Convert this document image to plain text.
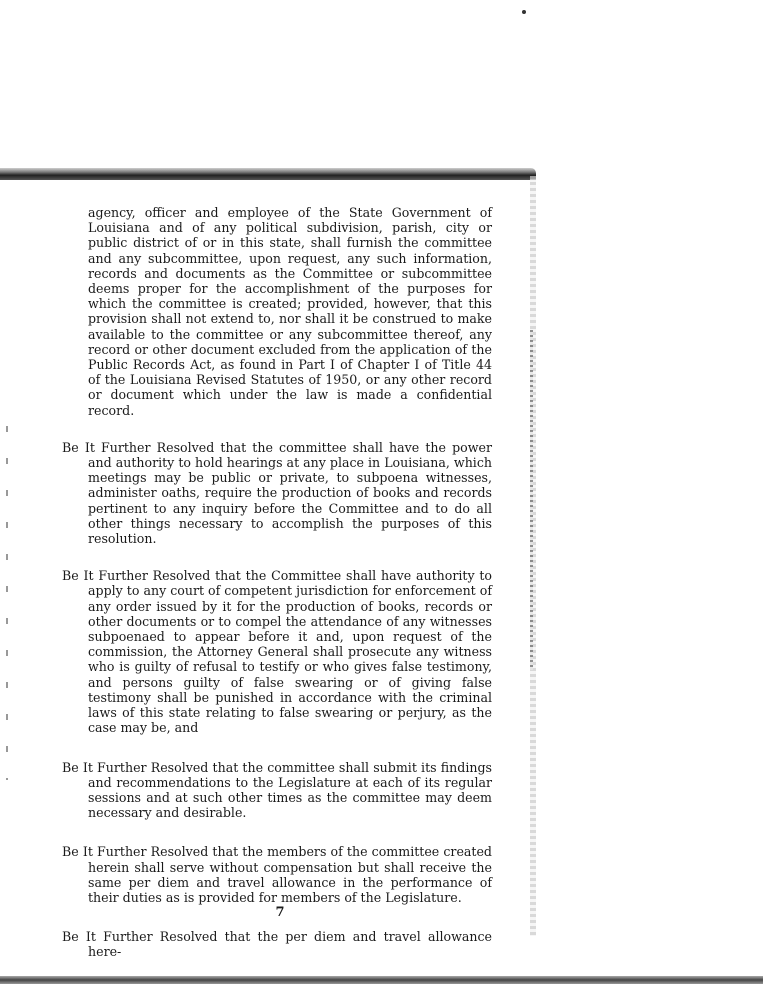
agency, officer and employee of the State Government of Louisiana and of any political subdivision, parish, city or public district of or in this state, shall furnish the committee and any subcommittee, upon request, any such information, records and documents as the Committee or subcommittee deems proper for the accomplishment of the purposes for which the committee is created; provided, however, that this provision shall not extend to, nor shall it be construed to make available to the committee or any subcommittee thereof, any record or other document excluded from the application of the Public Records Act, as found in Part I of Chapter I of Title 44 of the Louisiana Revised Statutes of 1950, or any other record or document which under the law is made a confidential record.

Be It Further Resolved that the committee shall have the power and authority to hold hearings at any place in Louisiana, which meetings may be public or private, to subpoena witnesses, administer oaths, require the production of books and records pertinent to any inquiry before the Committee and to do all other things necessary to accomplish the purposes of this resolution.

Be It Further Resolved that the Committee shall have authority to apply to any court of competent jurisdiction for enforcement of any order issued by it for the production of books, records or other documents or to compel the attendance of any witnesses subpoenaed to appear before it and, upon request of the commission, the Attorney General shall prosecute any witness who is guilty of refusal to testify or who gives false testimony, and persons guilty of false swearing or of giving false testimony shall be punished in accordance with the criminal laws of this state relating to false swearing or perjury, as the case may be, and

Be It Further Resolved that the committee shall submit its findings and recommendations to the Legislature at each of its regular sessions and at such other times as the committee may deem necessary and desirable.

Be It Further Resolved that the members of the committee created herein shall serve without compensation but shall receive the same per diem and travel allowance in the performance of their duties as is provided for members of the Legislature.

Be It Further Resolved that the per diem and travel allowance here-

7
